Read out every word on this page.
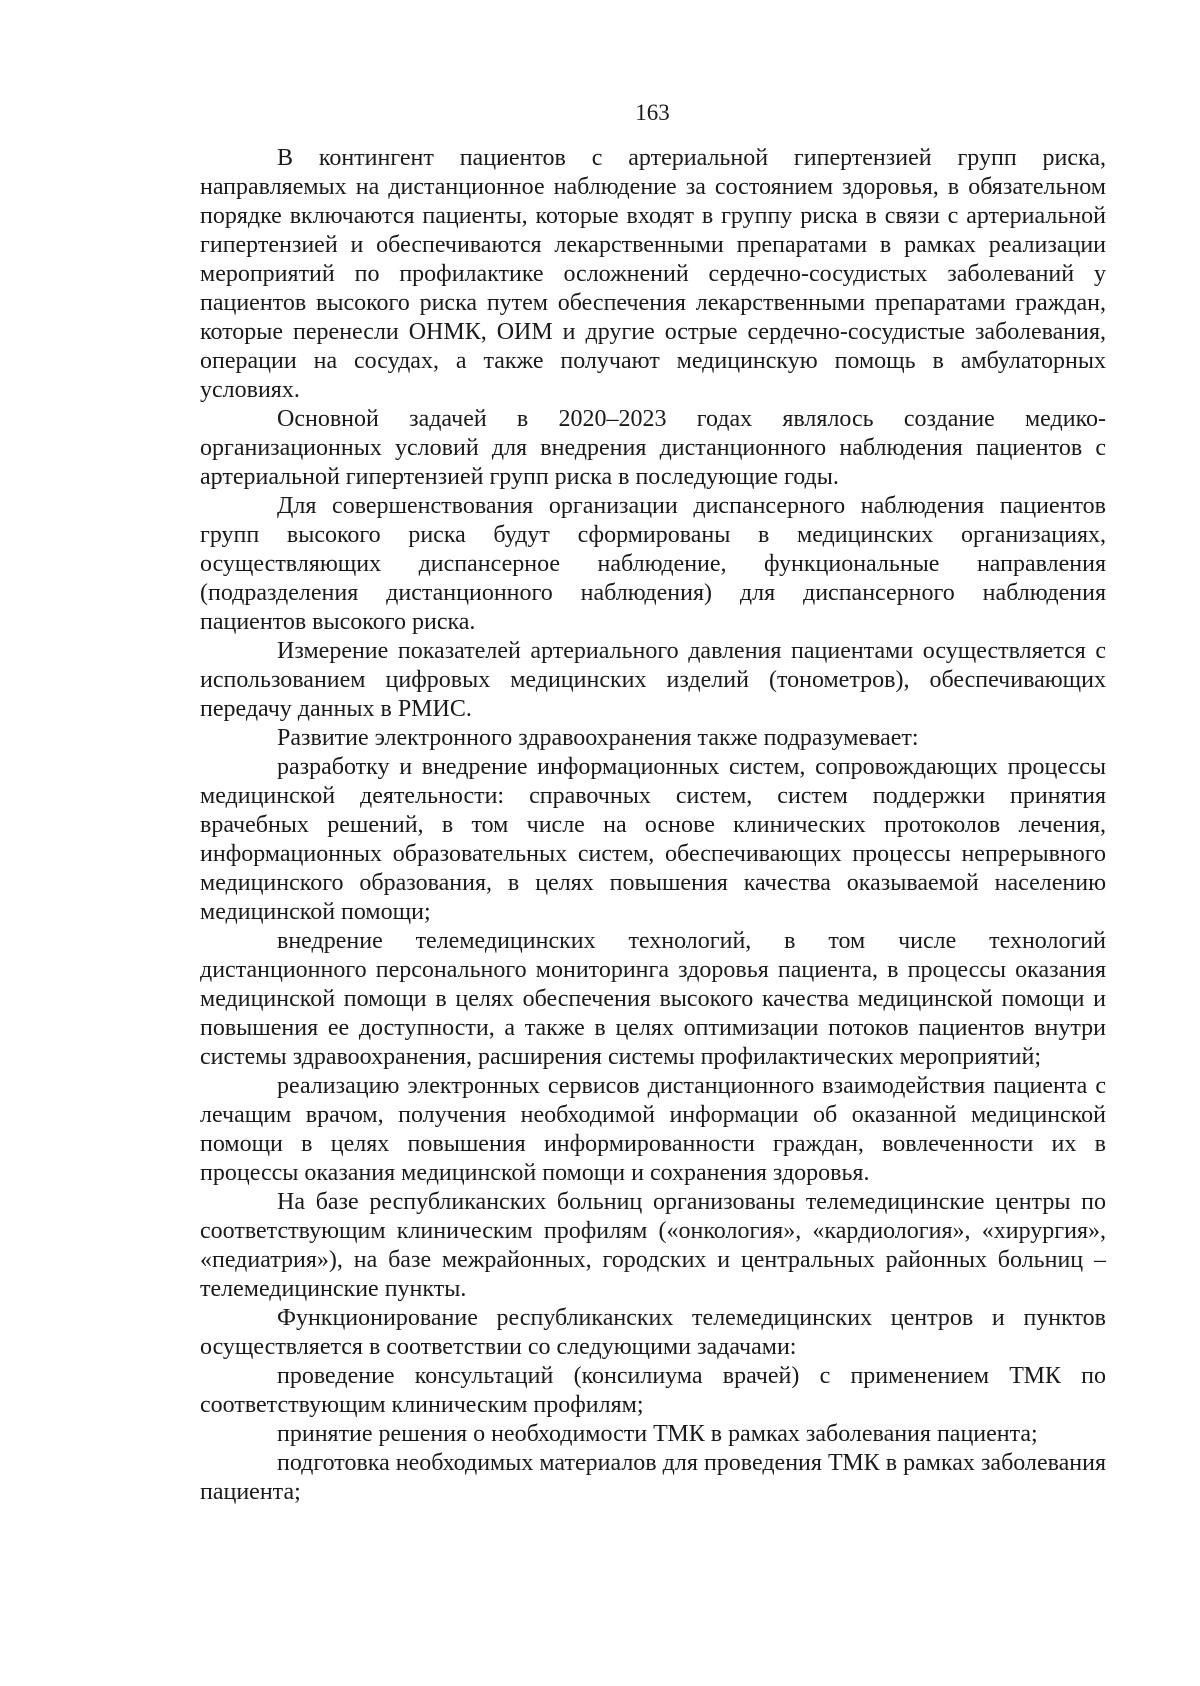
163

В контингент пациентов с артериальной гипертензией групп риска, направляемых на дистанционное наблюдение за состоянием здоровья, в обязательном порядке включаются пациенты, которые входят в группу риска в связи с артериальной гипертензией и обеспечиваются лекарственными препаратами в рамках реализации мероприятий по профилактике осложнений сердечно-сосудистых заболеваний у пациентов высокого риска путем обеспечения лекарственными препаратами граждан, которые перенесли ОНМК, ОИМ и другие острые сердечно-сосудистые заболевания, операции на сосудах, а также получают медицинскую помощь в амбулаторных условиях.

Основной задачей в 2020–2023 годах являлось создание медико-организационных условий для внедрения дистанционного наблюдения пациентов с артериальной гипертензией групп риска в последующие годы.

Для совершенствования организации диспансерного наблюдения пациентов групп высокого риска будут сформированы в медицинских организациях, осуществляющих диспансерное наблюдение, функциональные направления (подразделения дистанционного наблюдения) для диспансерного наблюдения пациентов высокого риска.

Измерение показателей артериального давления пациентами осуществляется с использованием цифровых медицинских изделий (тонометров), обеспечивающих передачу данных в РМИС.

Развитие электронного здравоохранения также подразумевает:

разработку и внедрение информационных систем, сопровождающих процессы медицинской деятельности: справочных систем, систем поддержки принятия врачебных решений, в том числе на основе клинических протоколов лечения, информационных образовательных систем, обеспечивающих процессы непрерывного медицинского образования, в целях повышения качества оказываемой населению медицинской помощи;

внедрение телемедицинских технологий, в том числе технологий дистанционного персонального мониторинга здоровья пациента, в процессы оказания медицинской помощи в целях обеспечения высокого качества медицинской помощи и повышения ее доступности, а также в целях оптимизации потоков пациентов внутри системы здравоохранения, расширения системы профилактических мероприятий;

реализацию электронных сервисов дистанционного взаимодействия пациента с лечащим врачом, получения необходимой информации об оказанной медицинской помощи в целях повышения информированности граждан, вовлеченности их в процессы оказания медицинской помощи и сохранения здоровья.

На базе республиканских больниц организованы телемедицинские центры по соответствующим клиническим профилям («онкология», «кардиология», «хирургия», «педиатрия»), на базе межрайонных, городских и центральных районных больниц – телемедицинские пункты.

Функционирование республиканских телемедицинских центров и пунктов осуществляется в соответствии со следующими задачами:

проведение консультаций (консилиума врачей) с применением ТМК по соответствующим клиническим профилям;

принятие решения о необходимости ТМК в рамках заболевания пациента;

подготовка необходимых материалов для проведения ТМК в рамках заболевания пациента;
